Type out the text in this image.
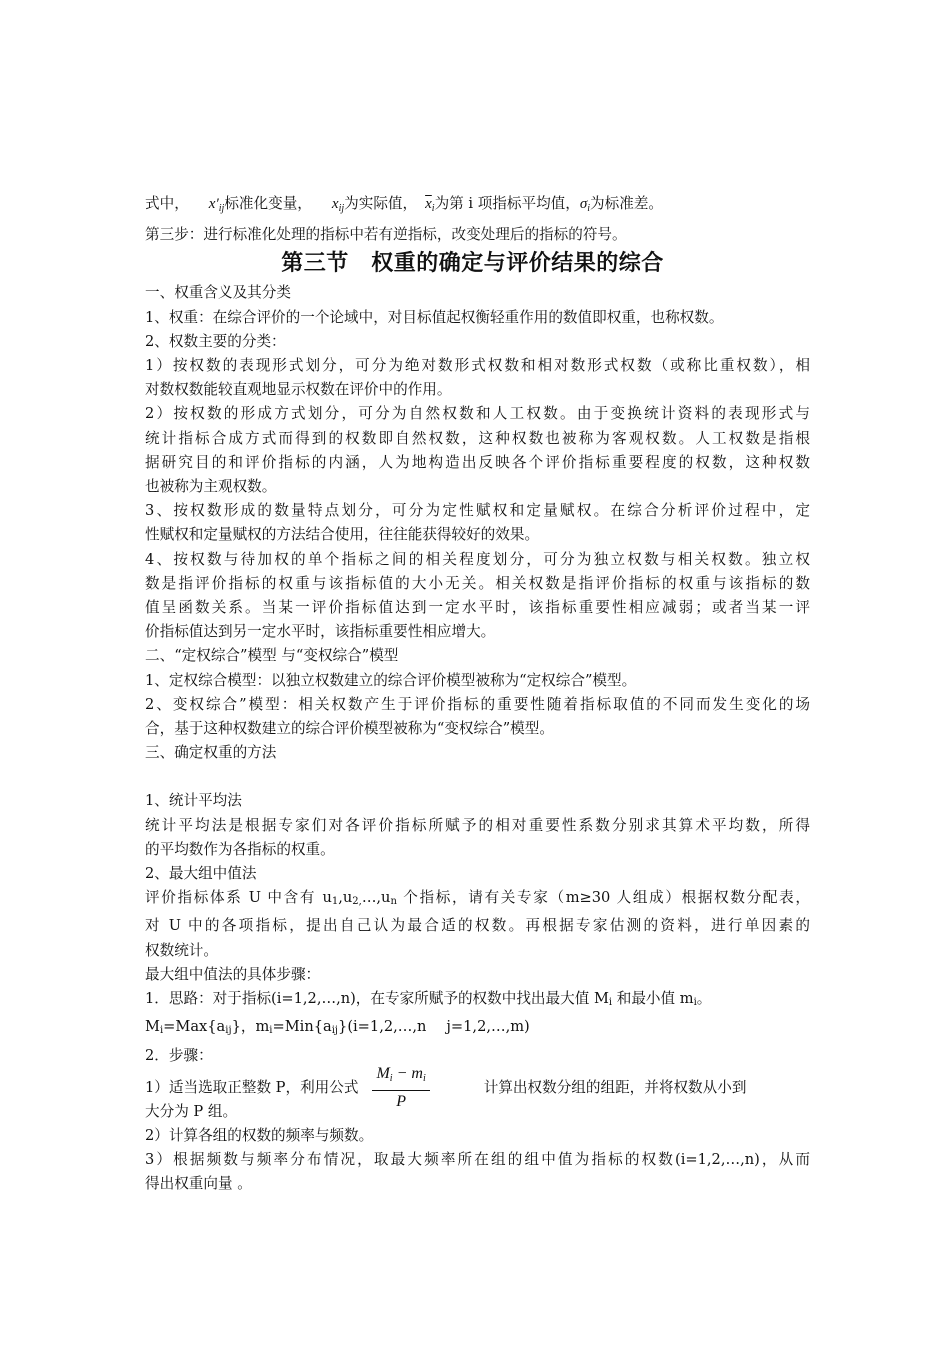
式中， $x'_{ij}$标准化变量， $x_{ij}$为实际值， $\overline{x}_i$为第 i 项指标平均值，$\sigma_i$为标准差。
第三步：进行标准化处理的指标中若有逆指标，改变处理后的指标的符号。
第三节　权重的确定与评价结果的综合
一、权重含义及其分类
1、权重：在综合评价的一个论域中，对目标值起权衡轻重作用的数值即权重，也称权数。
2、权数主要的分类：
1）按权数的表现形式划分，可分为绝对数形式权数和相对数形式权数（或称比重权数），相
对数权数能较直观地显示权数在评价中的作用。
2）按权数的形成方式划分，可分为自然权数和人工权数。由于变换统计资料的表现形式与
统计指标合成方式而得到的权数即自然权数，这种权数也被称为客观权数。人工权数是指根
据研究目的和评价指标的内涵，人为地构造出反映各个评价指标重要程度的权数，这种权数
也被称为主观权数。
3、按权数形成的数量特点划分，可分为定性赋权和定量赋权。在综合分析评价过程中，定
性赋权和定量赋权的方法结合使用，往往能获得较好的效果。
4、按权数与待加权的单个指标之间的相关程度划分，可分为独立权数与相关权数。独立权
数是指评价指标的权重与该指标值的大小无关。相关权数是指评价指标的权重与该指标的数
值呈函数关系。当某一评价指标值达到一定水平时，该指标重要性相应减弱；或者当某一评
价指标值达到另一定水平时，该指标重要性相应增大。
二、“定权综合”模型 与“变权综合”模型
1、定权综合模型：以独立权数建立的综合评价模型被称为“定权综合”模型。
2、变权综合”模型：相关权数产生于评价指标的重要性随着指标取值的不同而发生变化的场
合，基于这种权数建立的综合评价模型被称为“变权综合”模型。
三、确定权重的方法
1、统计平均法
统计平均法是根据专家们对各评价指标所赋予的相对重要性系数分别求其算术平均数，所得
的平均数作为各指标的权重。
2、最大组中值法
评价指标体系 U 中含有 u1,u2,…,un 个指标，请有关专家（m≥30 人组成）根据权数分配表，
对 U 中的各项指标，提出自己认为最合适的权数。再根据专家估测的资料，进行单因素的
权数统计。
最大组中值法的具体步骤：
1．思路：对于指标(i=1,2,…,n)，在专家所赋予的权数中找出最大值 Mi 和最小值 mi。
Mi=Max{aij}，mi=Min{aij}(i=1,2,…,n j=1,2,…,m)
2．步骤：
1）适当选取正整数 P，利用公式 $\frac{M_i - m_i}{P}$	计算出权数分组的组距，并将权数从小到
大分为 P 组。
2）计算各组的权数的频率与频数。
3）根据频数与频率分布情况，取最大频率所在组的组中值为指标的权数(i=1,2,…,n)，从而
得出权重向量 。
